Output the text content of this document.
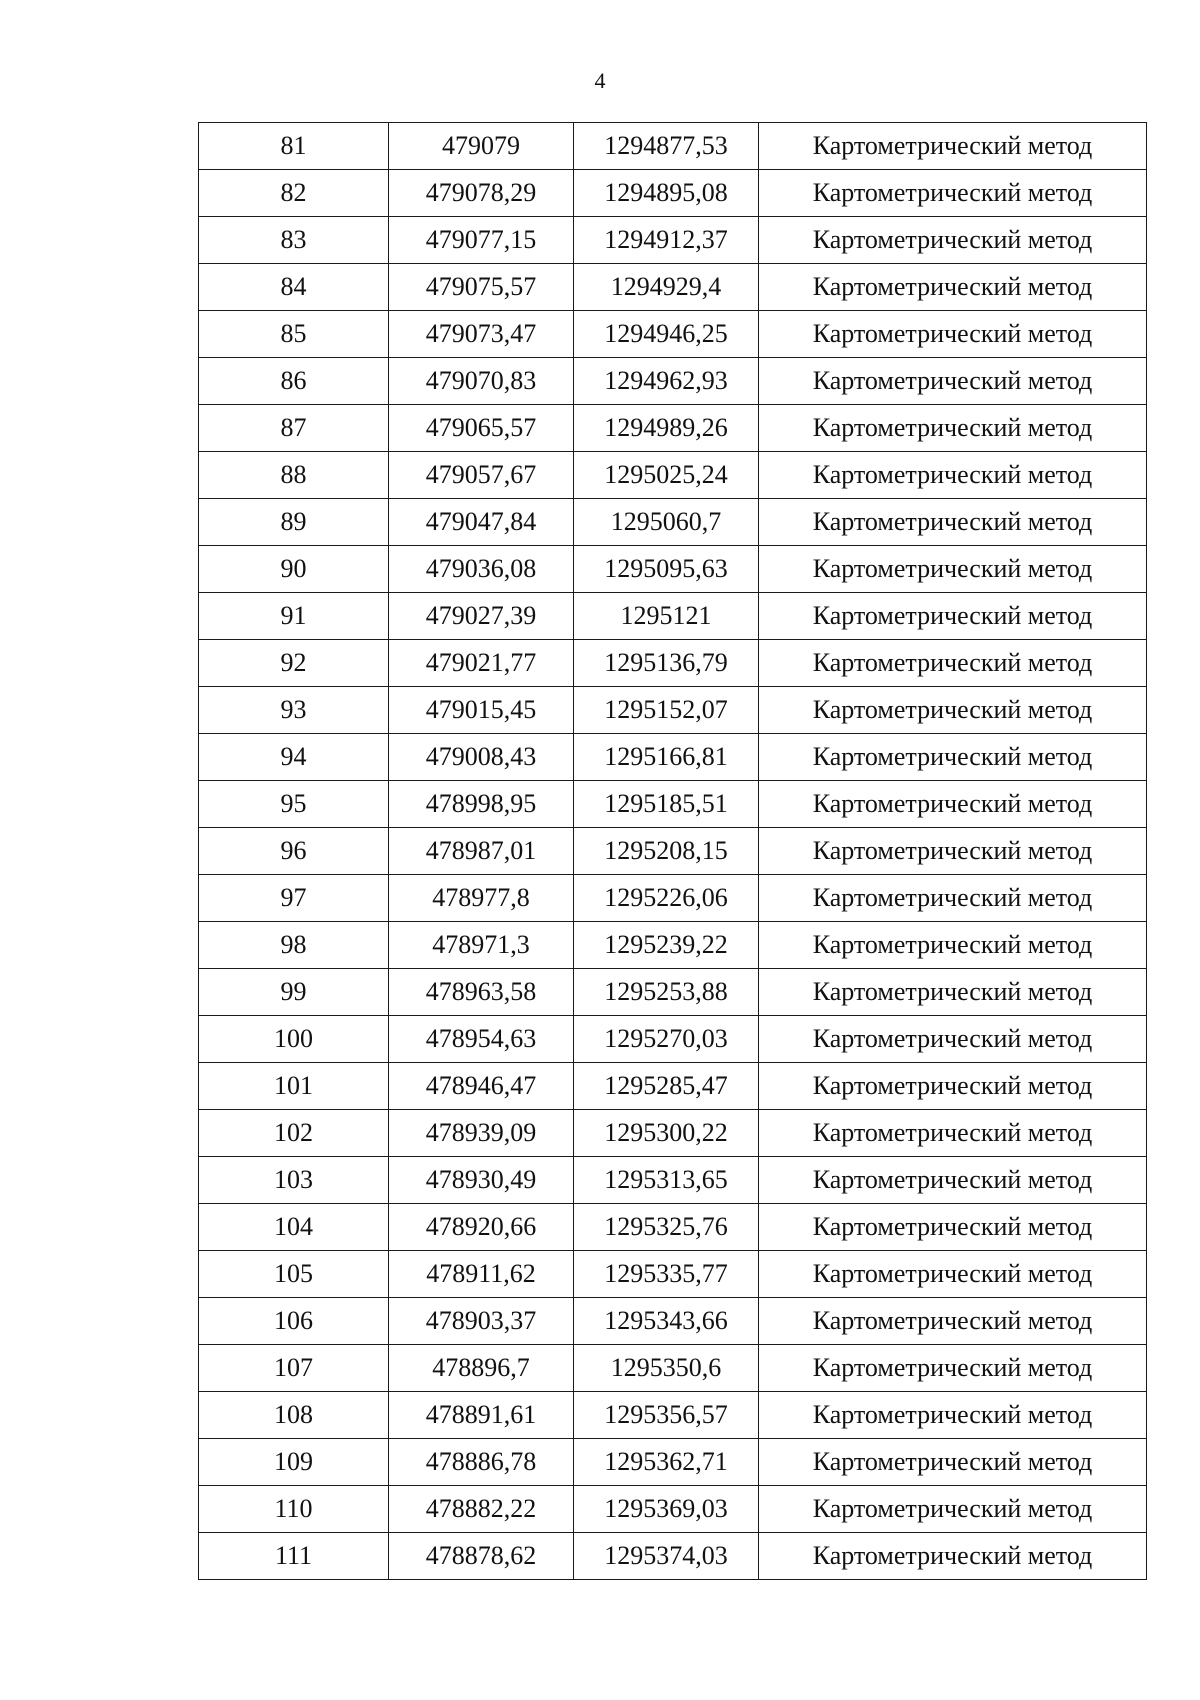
4
81	479079	1294877,53	Картометрический метод
82	479078,29	1294895,08	Картометрический метод
83	479077,15	1294912,37	Картометрический метод
84	479075,57	1294929,4	Картометрический метод
85	479073,47	1294946,25	Картометрический метод
86	479070,83	1294962,93	Картометрический метод
87	479065,57	1294989,26	Картометрический метод
88	479057,67	1295025,24	Картометрический метод
89	479047,84	1295060,7	Картометрический метод
90	479036,08	1295095,63	Картометрический метод
91	479027,39	1295121	Картометрический метод
92	479021,77	1295136,79	Картометрический метод
93	479015,45	1295152,07	Картометрический метод
94	479008,43	1295166,81	Картометрический метод
95	478998,95	1295185,51	Картометрический метод
96	478987,01	1295208,15	Картометрический метод
97	478977,8	1295226,06	Картометрический метод
98	478971,3	1295239,22	Картометрический метод
99	478963,58	1295253,88	Картометрический метод
100	478954,63	1295270,03	Картометрический метод
101	478946,47	1295285,47	Картометрический метод
102	478939,09	1295300,22	Картометрический метод
103	478930,49	1295313,65	Картометрический метод
104	478920,66	1295325,76	Картометрический метод
105	478911,62	1295335,77	Картометрический метод
106	478903,37	1295343,66	Картометрический метод
107	478896,7	1295350,6	Картометрический метод
108	478891,61	1295356,57	Картометрический метод
109	478886,78	1295362,71	Картометрический метод
110	478882,22	1295369,03	Картометрический метод
111	478878,62	1295374,03	Картометрический метод
